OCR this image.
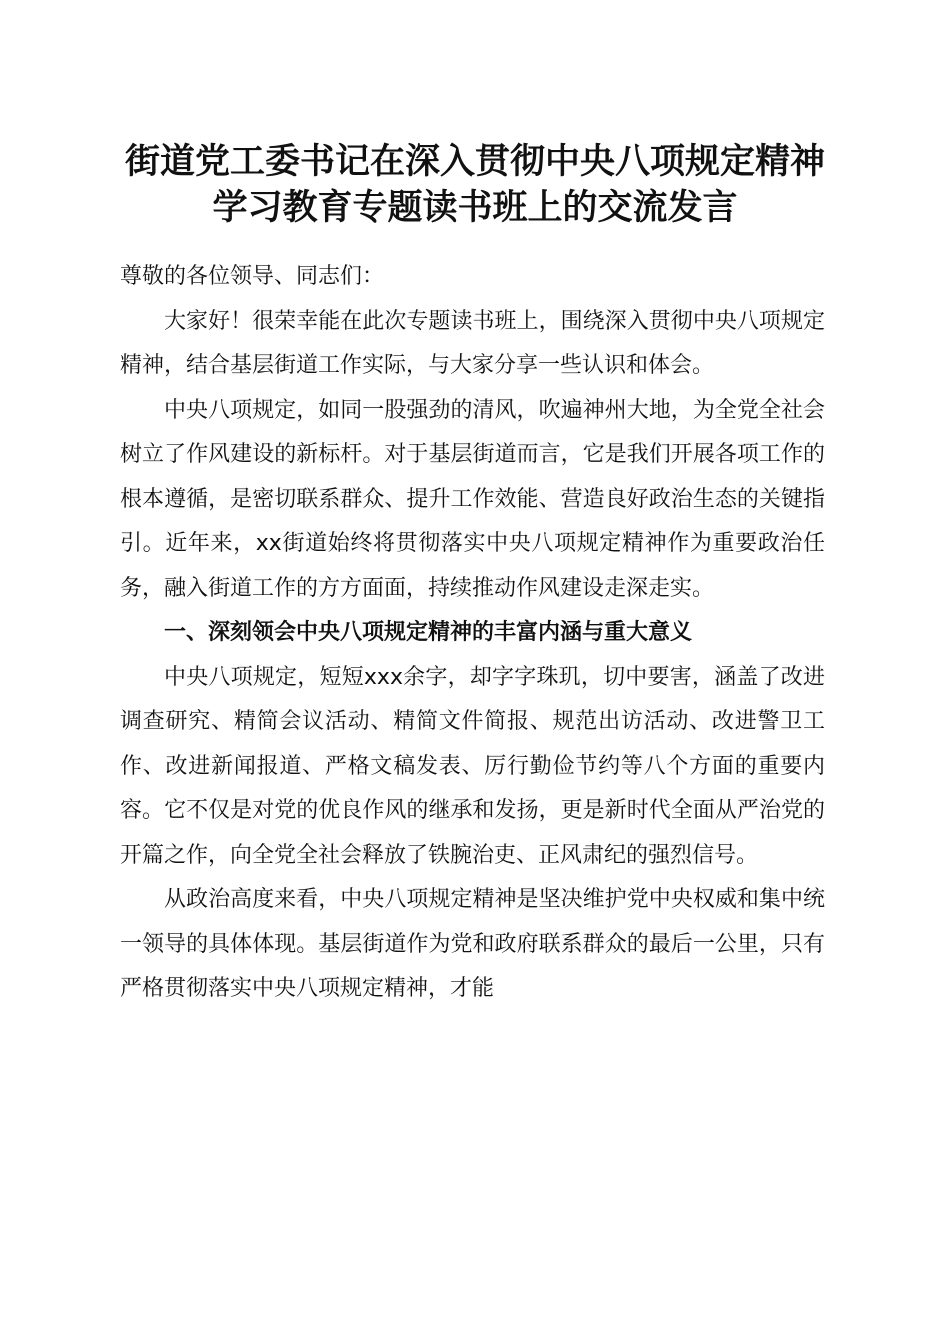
街道党工委书记在深入贯彻中央八项规定精神
学习教育专题读书班上的交流发言

尊敬的各位领导、同志们：

大家好！很荣幸能在此次专题读书班上，围绕深入贯彻中央八项规定精神，结合基层街道工作实际，与大家分享一些认识和体会。

中央八项规定，如同一股强劲的清风，吹遍神州大地，为全党全社会树立了作风建设的新标杆。对于基层街道而言，它是我们开展各项工作的根本遵循，是密切联系群众、提升工作效能、营造良好政治生态的关键指引。近年来，xx街道始终将贯彻落实中央八项规定精神作为重要政治任务，融入街道工作的方方面面，持续推动作风建设走深走实。

一、深刻领会中央八项规定精神的丰富内涵与重大意义

中央八项规定，短短xxx余字，却字字珠玑，切中要害，涵盖了改进调查研究、精简会议活动、精简文件简报、规范出访活动、改进警卫工作、改进新闻报道、严格文稿发表、厉行勤俭节约等八个方面的重要内容。它不仅是对党的优良作风的继承和发扬，更是新时代全面从严治党的开篇之作，向全党全社会释放了铁腕治吏、正风肃纪的强烈信号。

从政治高度来看，中央八项规定精神是坚决维护党中央权威和集中统一领导的具体体现。基层街道作为党和政府联系群众的最后一公里，只有严格贯彻落实中央八项规定精神，才能
